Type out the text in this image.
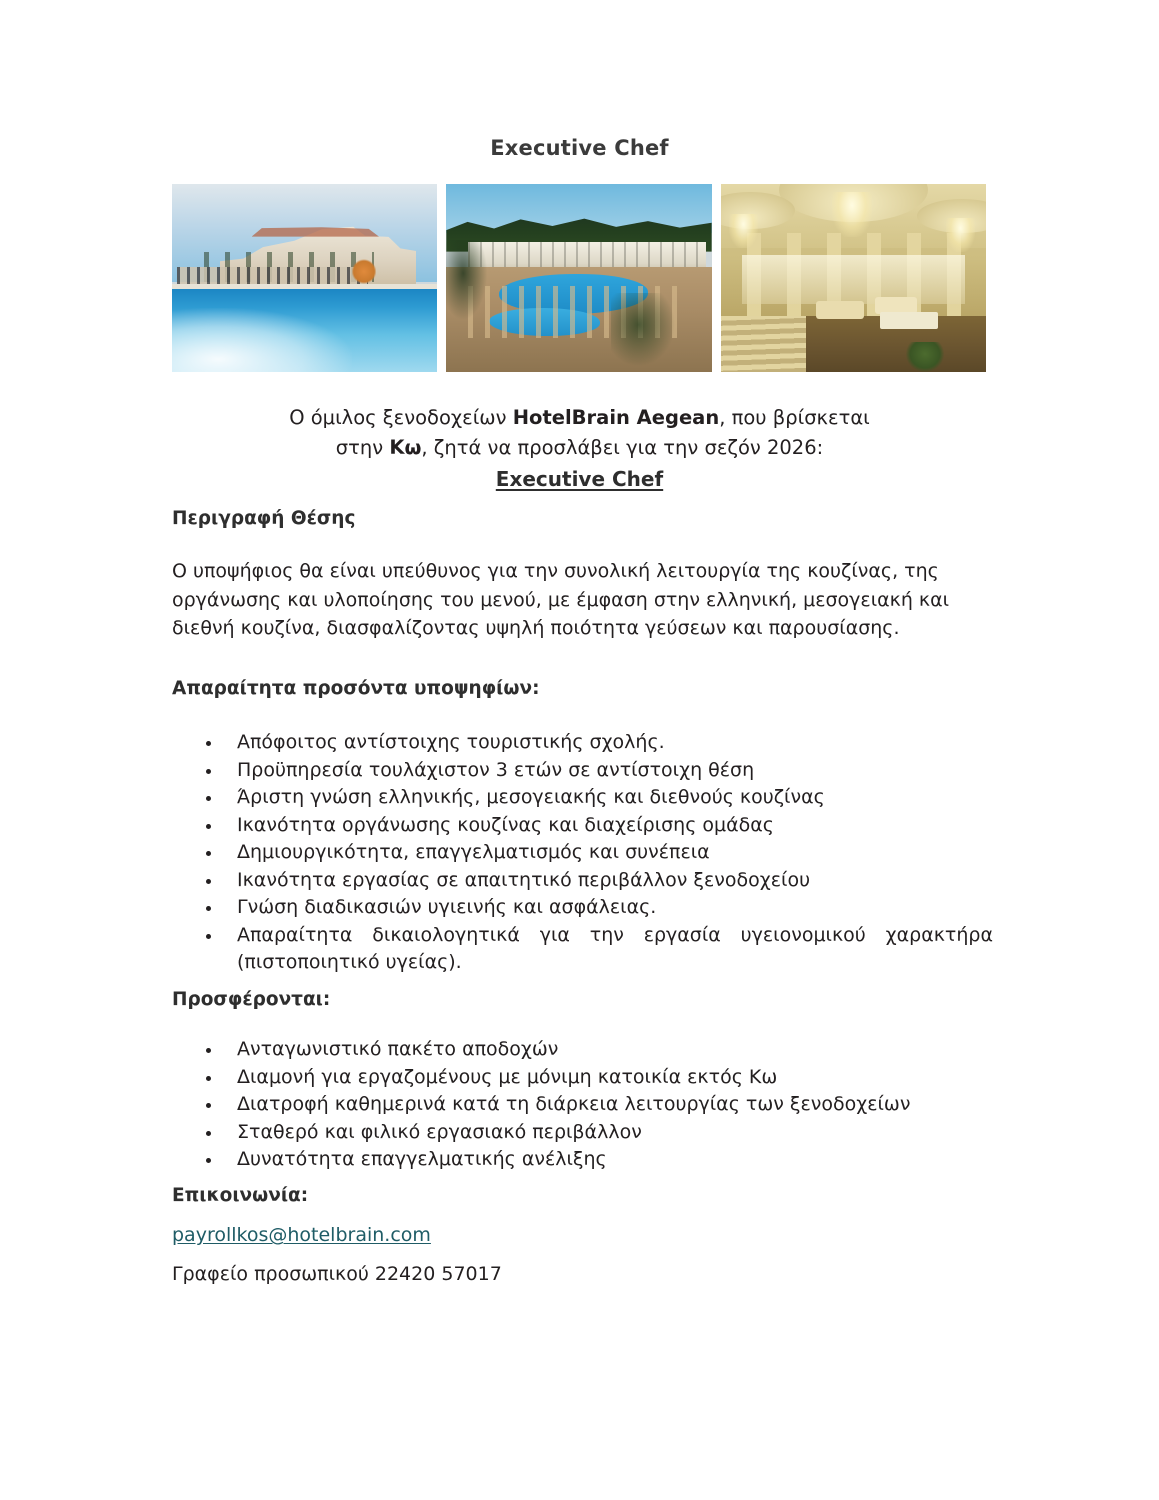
Executive Chef
Ο όμιλος ξενοδοχείων HotelBrain Aegean, που βρίσκεται
στην Κω, ζητά να προσλάβει για την σεζόν 2026:
Executive Chef
Περιγραφή Θέσης
Ο υποψήφιος θα είναι υπεύθυνος για την συνολική λειτουργία της κουζίνας, της οργάνωσης και υλοποίησης του μενού, με έμφαση στην ελληνική, μεσογειακή και διεθνή κουζίνα, διασφαλίζοντας υψηλή ποιότητα γεύσεων και παρουσίασης.
Απαραίτητα προσόντα υποψηφίων:
Απόφοιτος αντίστοιχης τουριστικής σχολής.
Προϋπηρεσία τουλάχιστον 3 ετών σε αντίστοιχη θέση
Άριστη γνώση ελληνικής, μεσογειακής και διεθνούς κουζίνας
Ικανότητα οργάνωσης κουζίνας και διαχείρισης ομάδας
Δημιουργικότητα, επαγγελματισμός και συνέπεια
Ικανότητα εργασίας σε απαιτητικό περιβάλλον ξενοδοχείου
Γνώση διαδικασιών υγιεινής και ασφάλειας.
Απαραίτητα δικαιολογητικά για την εργασία υγειονομικού χαρακτήρα (πιστοποιητικό υγείας).
Προσφέρονται:
Ανταγωνιστικό πακέτο αποδοχών
Διαμονή για εργαζομένους με μόνιμη κατοικία εκτός Κω
Διατροφή καθημερινά κατά τη διάρκεια λειτουργίας των ξενοδοχείων
Σταθερό και φιλικό εργασιακό περιβάλλον
Δυνατότητα επαγγελματικής ανέλιξης
Επικοινωνία:
payrollkos@hotelbrain.com
Γραφείο προσωπικού 22420 57017
